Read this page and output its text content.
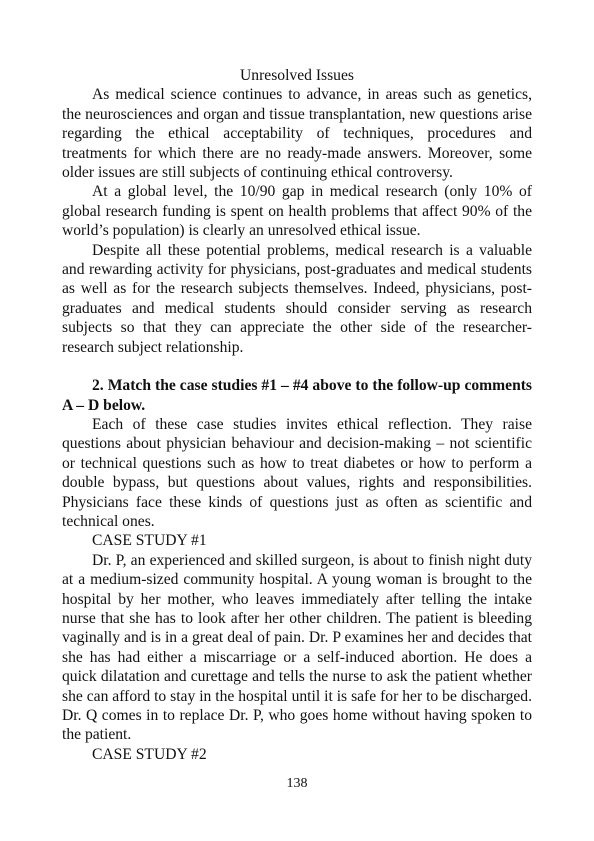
Unresolved Issues

As medical science continues to advance, in areas such as genetics, the neurosciences and organ and tissue transplantation, new questions arise regarding the ethical acceptability of techniques, procedures and treatments for which there are no ready-made answers. Moreover, some older issues are still subjects of continuing ethical controversy.

At a global level, the 10/90 gap in medical research (only 10% of global research funding is spent on health problems that affect 90% of the world’s population) is clearly an unresolved ethical issue.

Despite all these potential problems, medical research is a valuable and rewarding activity for physicians, post-graduates and medical students as well as for the research subjects themselves. Indeed, physicians, post-graduates and medical students should consider serving as research subjects so that they can appreciate the other side of the researcher-research subject relationship.

2. Match the case studies #1 – #4 above to the follow-up comments A – D below.

Each of these case studies invites ethical reflection. They raise questions about physician behaviour and decision-making – not scientific or technical questions such as how to treat diabetes or how to perform a double bypass, but questions about values, rights and responsibilities. Physicians face these kinds of questions just as often as scientific and technical ones.

CASE STUDY #1

Dr. P, an experienced and skilled surgeon, is about to finish night duty at a medium-sized community hospital. A young woman is brought to the hospital by her mother, who leaves immediately after telling the intake nurse that she has to look after her other children. The patient is bleeding vaginally and is in a great deal of pain. Dr. P examines her and decides that she has had either a miscarriage or a self-induced abortion. He does a quick dilatation and curettage and tells the nurse to ask the patient whether she can afford to stay in the hospital until it is safe for her to be discharged. Dr. Q comes in to replace Dr. P, who goes home without having spoken to the patient.

CASE STUDY #2

138
